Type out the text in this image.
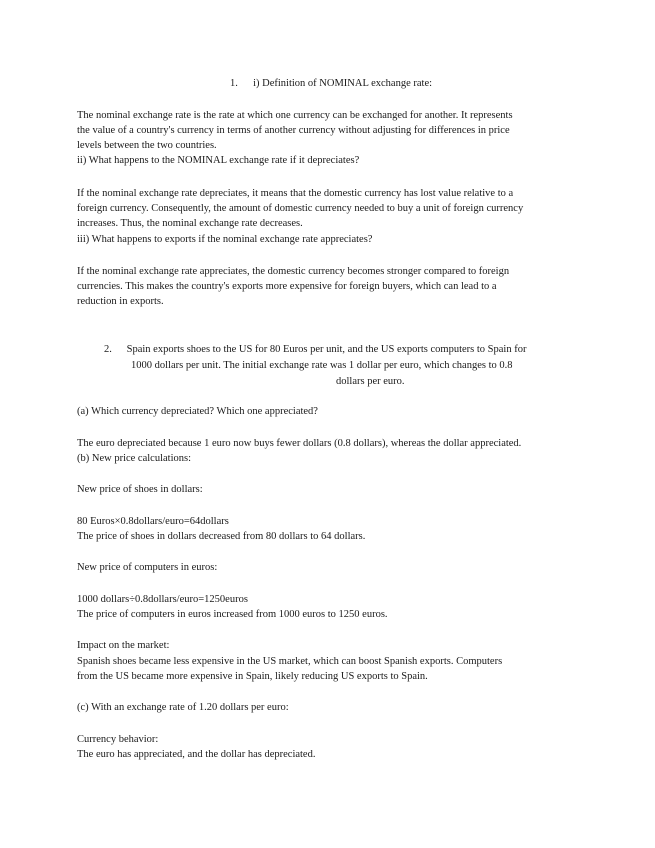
1. i) Definition of NOMINAL exchange rate:
The nominal exchange rate is the rate at which one currency can be exchanged for another. It represents
the value of a country's currency in terms of another currency without adjusting for differences in price
levels between the two countries.
ii) What happens to the NOMINAL exchange rate if it depreciates?
If the nominal exchange rate depreciates, it means that the domestic currency has lost value relative to a
foreign currency. Consequently, the amount of domestic currency needed to buy a unit of foreign currency
increases. Thus, the nominal exchange rate decreases.
iii) What happens to exports if the nominal exchange rate appreciates?
If the nominal exchange rate appreciates, the domestic currency becomes stronger compared to foreign
currencies. This makes the country's exports more expensive for foreign buyers, which can lead to a
reduction in exports.
2. Spain exports shoes to the US for 80 Euros per unit, and the US exports computers to Spain for
1000 dollars per unit. The initial exchange rate was 1 dollar per euro, which changes to 0.8
dollars per euro.
(a) Which currency depreciated? Which one appreciated?
The euro depreciated because 1 euro now buys fewer dollars (0.8 dollars), whereas the dollar appreciated.
(b) New price calculations:
New price of shoes in dollars:
80 Euros×0.8dollars/euro=64dollars
The price of shoes in dollars decreased from 80 dollars to 64 dollars.
New price of computers in euros:
1000 dollars÷0.8dollars/euro=1250euros
The price of computers in euros increased from 1000 euros to 1250 euros.
Impact on the market:
Spanish shoes became less expensive in the US market, which can boost Spanish exports. Computers
from the US became more expensive in Spain, likely reducing US exports to Spain.
(c) With an exchange rate of 1.20 dollars per euro:
Currency behavior:
The euro has appreciated, and the dollar has depreciated.
